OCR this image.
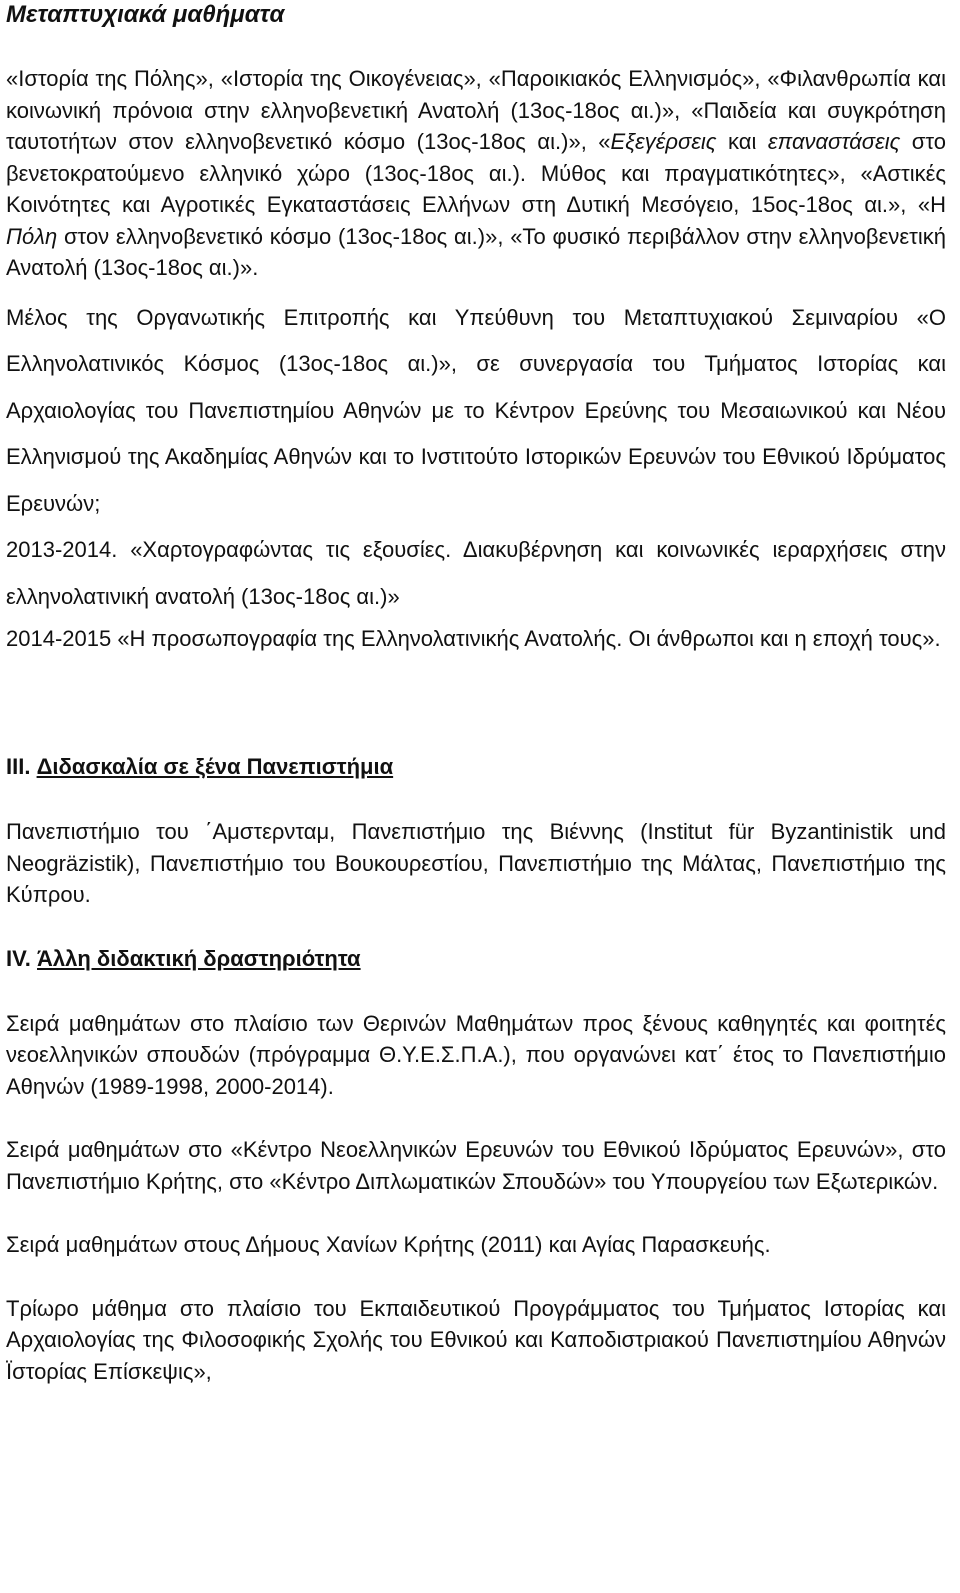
Μεταπτυχιακά μαθήματα

«Ιστορία της Πόλης», «Ιστορία της Οικογένειας», «Παροικιακός Ελληνισμός», «Φιλανθρωπία και κοινωνική πρόνοια στην ελληνοβενετική Ανατολή (13ος-18ος αι.)», «Παιδεία και συγκρότηση ταυτοτήτων στον ελληνοβενετικό κόσμο (13ος-18ος αι.)», «Εξεγέρσεις και επαναστάσεις στο βενετοκρατούμενο ελληνικό χώρο (13ος-18ος αι.). Μύθος και πραγματικότητες», «Αστικές Κοινότητες και Αγροτικές Εγκαταστάσεις Ελλήνων στη Δυτική Μεσόγειο, 15ος-18ος αι.», «Η Πόλη στον ελληνοβενετικό κόσμο (13ος-18ος αι.)», «Το φυσικό περιβάλλον στην ελληνοβενετική Ανατολή (13ος-18ος αι.)».

Μέλος της Οργανωτικής Επιτροπής και Υπεύθυνη του Μεταπτυχιακού Σεμιναρίου «Ο Ελληνολατινικός Κόσμος (13ος-18ος αι.)», σε συνεργασία του Τμήματος Ιστορίας και Αρχαιολογίας του Πανεπιστημίου Αθηνών με το Κέντρον Ερεύνης του Μεσαιωνικού και Νέου Ελληνισμού της Ακαδημίας Αθηνών και το Ινστιτούτο Ιστορικών Ερευνών του Εθνικού Ιδρύματος Ερευνών;

2013-2014. «Χαρτογραφώντας τις εξουσίες. Διακυβέρνηση και κοινωνικές ιεραρχήσεις στην ελληνολατινική ανατολή (13ος-18ος αι.)»

2014-2015 «Η προσωπογραφία της Ελληνολατινικής Ανατολής. Οι άνθρωποι και η εποχή τους».

III. Διδασκαλία σε ξένα Πανεπιστήμια

Πανεπιστήμιο του ΄Αμστερνταμ, Πανεπιστήμιο της Βιέννης (Institut für Byzantinistik und Neogräzistik), Πανεπιστήμιο του Βουκουρεστίου, Πανεπιστήμιο της Μάλτας, Πανεπιστήμιο της Κύπρου.

IV. Άλλη διδακτική δραστηριότητα

Σειρά μαθημάτων στο πλαίσιο των Θερινών Μαθημάτων προς ξένους καθηγητές και φοιτητές νεοελληνικών σπουδών (πρόγραμμα Θ.Υ.Ε.Σ.Π.Α.), που οργανώνει κατ΄ έτος το Πανεπιστήμιο Αθηνών (1989-1998, 2000-2014).

Σειρά μαθημάτων στο «Κέντρο Νεοελληνικών Ερευνών του Εθνικού Ιδρύματος Ερευνών», στο Πανεπιστήμιο Κρήτης, στο «Κέντρο Διπλωματικών Σπουδών» του Υπουργείου των Εξωτερικών.

Σειρά μαθημάτων στους Δήμους Χανίων Κρήτης (2011) και Αγίας Παρασκευής.

Τρίωρο μάθημα στο πλαίσιο του Εκπαιδευτικού Προγράμματος του Τμήματος Ιστορίας και Αρχαιολογίας της Φιλοσοφικής Σχολής του Εθνικού και Καποδιστριακού Πανεπιστημίου Αθηνών Ϊστορίας Επίσκεψις»,
